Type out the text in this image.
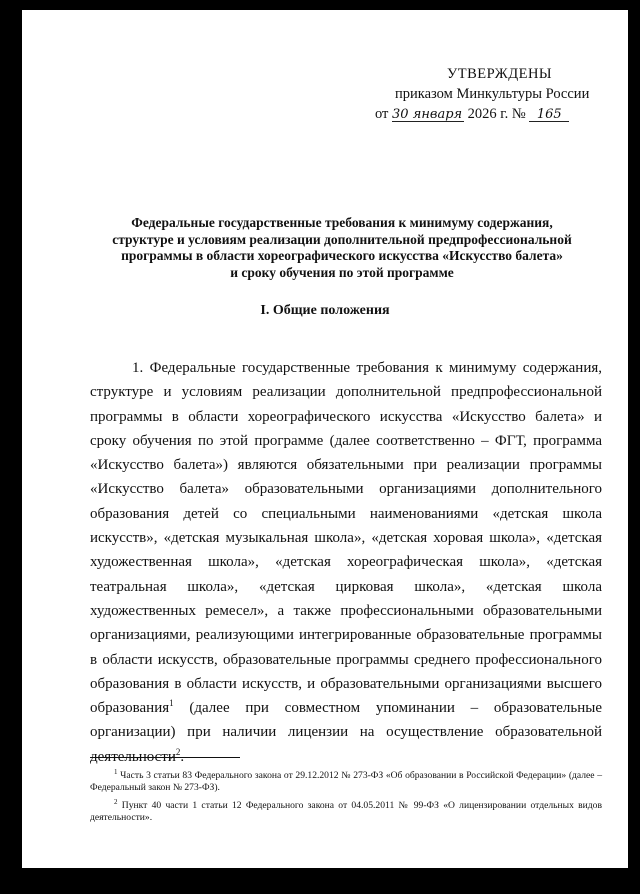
УТВЕРЖДЕНЫ
приказом Минкультуры России
от 30 января 2026 г. № 165
Федеральные государственные требования к минимуму содержания,
структуре и условиям реализации дополнительной предпрофессиональной
программы в области хореографического искусства «Искусство балета»
и сроку обучения по этой программе
I. Общие положения

1. Федеральные государственные требования к минимуму содержания, структуре и условиям реализации дополнительной предпрофессиональной программы в области хореографического искусства «Искусство балета» и сроку обучения по этой программе (далее соответственно – ФГТ, программа «Искусство балета») являются обязательными при реализации программы «Искусство балета» образовательными организациями дополнительного образования детей со специальными наименованиями «детская школа искусств», «детская музыкальная школа», «детская хоровая школа», «детская художественная школа», «детская хореографическая школа», «детская театральная школа», «детская цирковая школа», «детская школа художественных ремесел», а также профессиональными образовательными организациями, реализующими интегрированные образовательные программы в области искусств, образовательные программы среднего профессионального образования в области искусств, и образовательными организациями высшего образования$^1$ (далее при совместном упоминании – образовательные организации) при наличии лицензии на осуществление образовательной деятельности$^2$.

$^1$ Часть 3 статьи 83 Федерального закона от 29.12.2012 № 273-ФЗ «Об образовании в Российской Федерации» (далее – Федеральный закон № 273-ФЗ).

$^2$ Пункт 40 части 1 статьи 12 Федерального закона от 04.05.2011 № 99-ФЗ «О лицензировании отдельных видов деятельности».
